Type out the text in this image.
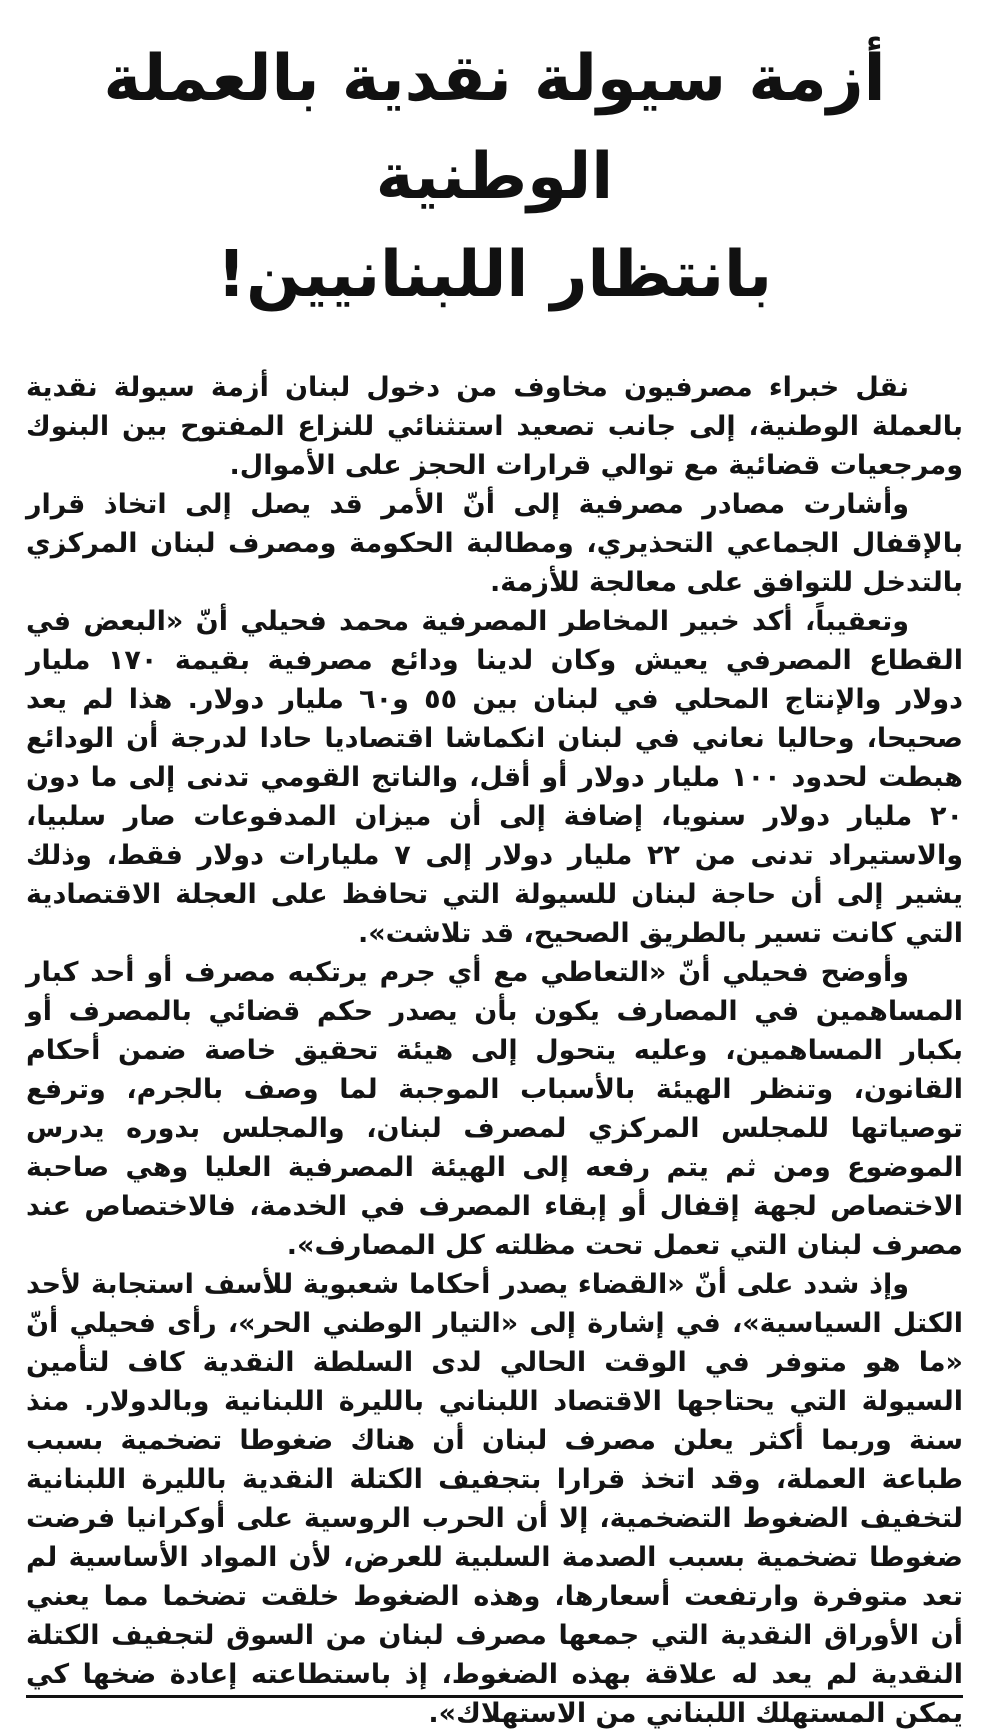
أزمة سيولة نقدية بالعملة الوطنية
بانتظار اللبنانيين!

نقل خبراء مصرفيون مخاوف من دخول لبنان أزمة سيولة نقدية بالعملة الوطنية، إلى جانب تصعيد استثنائي للنزاع المفتوح بين البنوك ومرجعيات قضائية مع توالي قرارات الحجز على الأموال.

وأشارت مصادر مصرفية إلى أنّ الأمر قد يصل إلى اتخاذ قرار بالإقفال الجماعي التحذيري، ومطالبة الحكومة ومصرف لبنان المركزي بالتدخل للتوافق على معالجة للأزمة.

وتعقيباً، أكد خبير المخاطر المصرفية محمد فحيلي أنّ «البعض في القطاع المصرفي يعيش وكان لدينا ودائع مصرفية بقيمة ١٧٠ مليار دولار والإنتاج المحلي في لبنان بين ٥٥ و٦٠ مليار دولار. هذا لم يعد صحيحا، وحاليا نعاني في لبنان انكماشا اقتصاديا حادا لدرجة أن الودائع هبطت لحدود ١٠٠ مليار دولار أو أقل، والناتج القومي تدنى إلى ما دون ٢٠ مليار دولار سنويا، إضافة إلى أن ميزان المدفوعات صار سلبيا، والاستيراد تدنى من ٢٢ مليار دولار إلى ٧ مليارات دولار فقط، وذلك يشير إلى أن حاجة لبنان للسيولة التي تحافظ على العجلة الاقتصادية التي كانت تسير بالطريق الصحيح، قد تلاشت».

وأوضح فحيلي أنّ «التعاطي مع أي جرم يرتكبه مصرف أو أحد كبار المساهمين في المصارف يكون بأن يصدر حكم قضائي بالمصرف أو بكبار المساهمين، وعليه يتحول إلى هيئة تحقيق خاصة ضمن أحكام القانون، وتنظر الهيئة بالأسباب الموجبة لما وصف بالجرم، وترفع توصياتها للمجلس المركزي لمصرف لبنان، والمجلس بدوره يدرس الموضوع ومن ثم يتم رفعه إلى الهيئة المصرفية العليا وهي صاحبة الاختصاص لجهة إقفال أو إبقاء المصرف في الخدمة، فالاختصاص عند مصرف لبنان التي تعمل تحت مظلته كل المصارف».

وإذ شدد على أنّ «القضاء يصدر أحكاما شعبوية للأسف استجابة لأحد الكتل السياسية»، في إشارة إلى «التيار الوطني الحر»، رأى فحيلي أنّ «ما هو متوفر في الوقت الحالي لدى السلطة النقدية كاف لتأمين السيولة التي يحتاجها الاقتصاد اللبناني بالليرة اللبنانية وبالدولار. منذ سنة وربما أكثر يعلن مصرف لبنان أن هناك ضغوطا تضخمية بسبب طباعة العملة، وقد اتخذ قرارا بتجفيف الكتلة النقدية بالليرة اللبنانية لتخفيف الضغوط التضخمية، إلا أن الحرب الروسية على أوكرانيا فرضت ضغوطا تضخمية بسبب الصدمة السلبية للعرض، لأن المواد الأساسية لم تعد متوفرة وارتفعت أسعارها، وهذه الضغوط خلقت تضخما مما يعني أن الأوراق النقدية التي جمعها مصرف لبنان من السوق لتجفيف الكتلة النقدية لم يعد له علاقة بهذه الضغوط، إذ باستطاعته إعادة ضخها كي يمكن المستهلك اللبناني من الاستهلاك».
